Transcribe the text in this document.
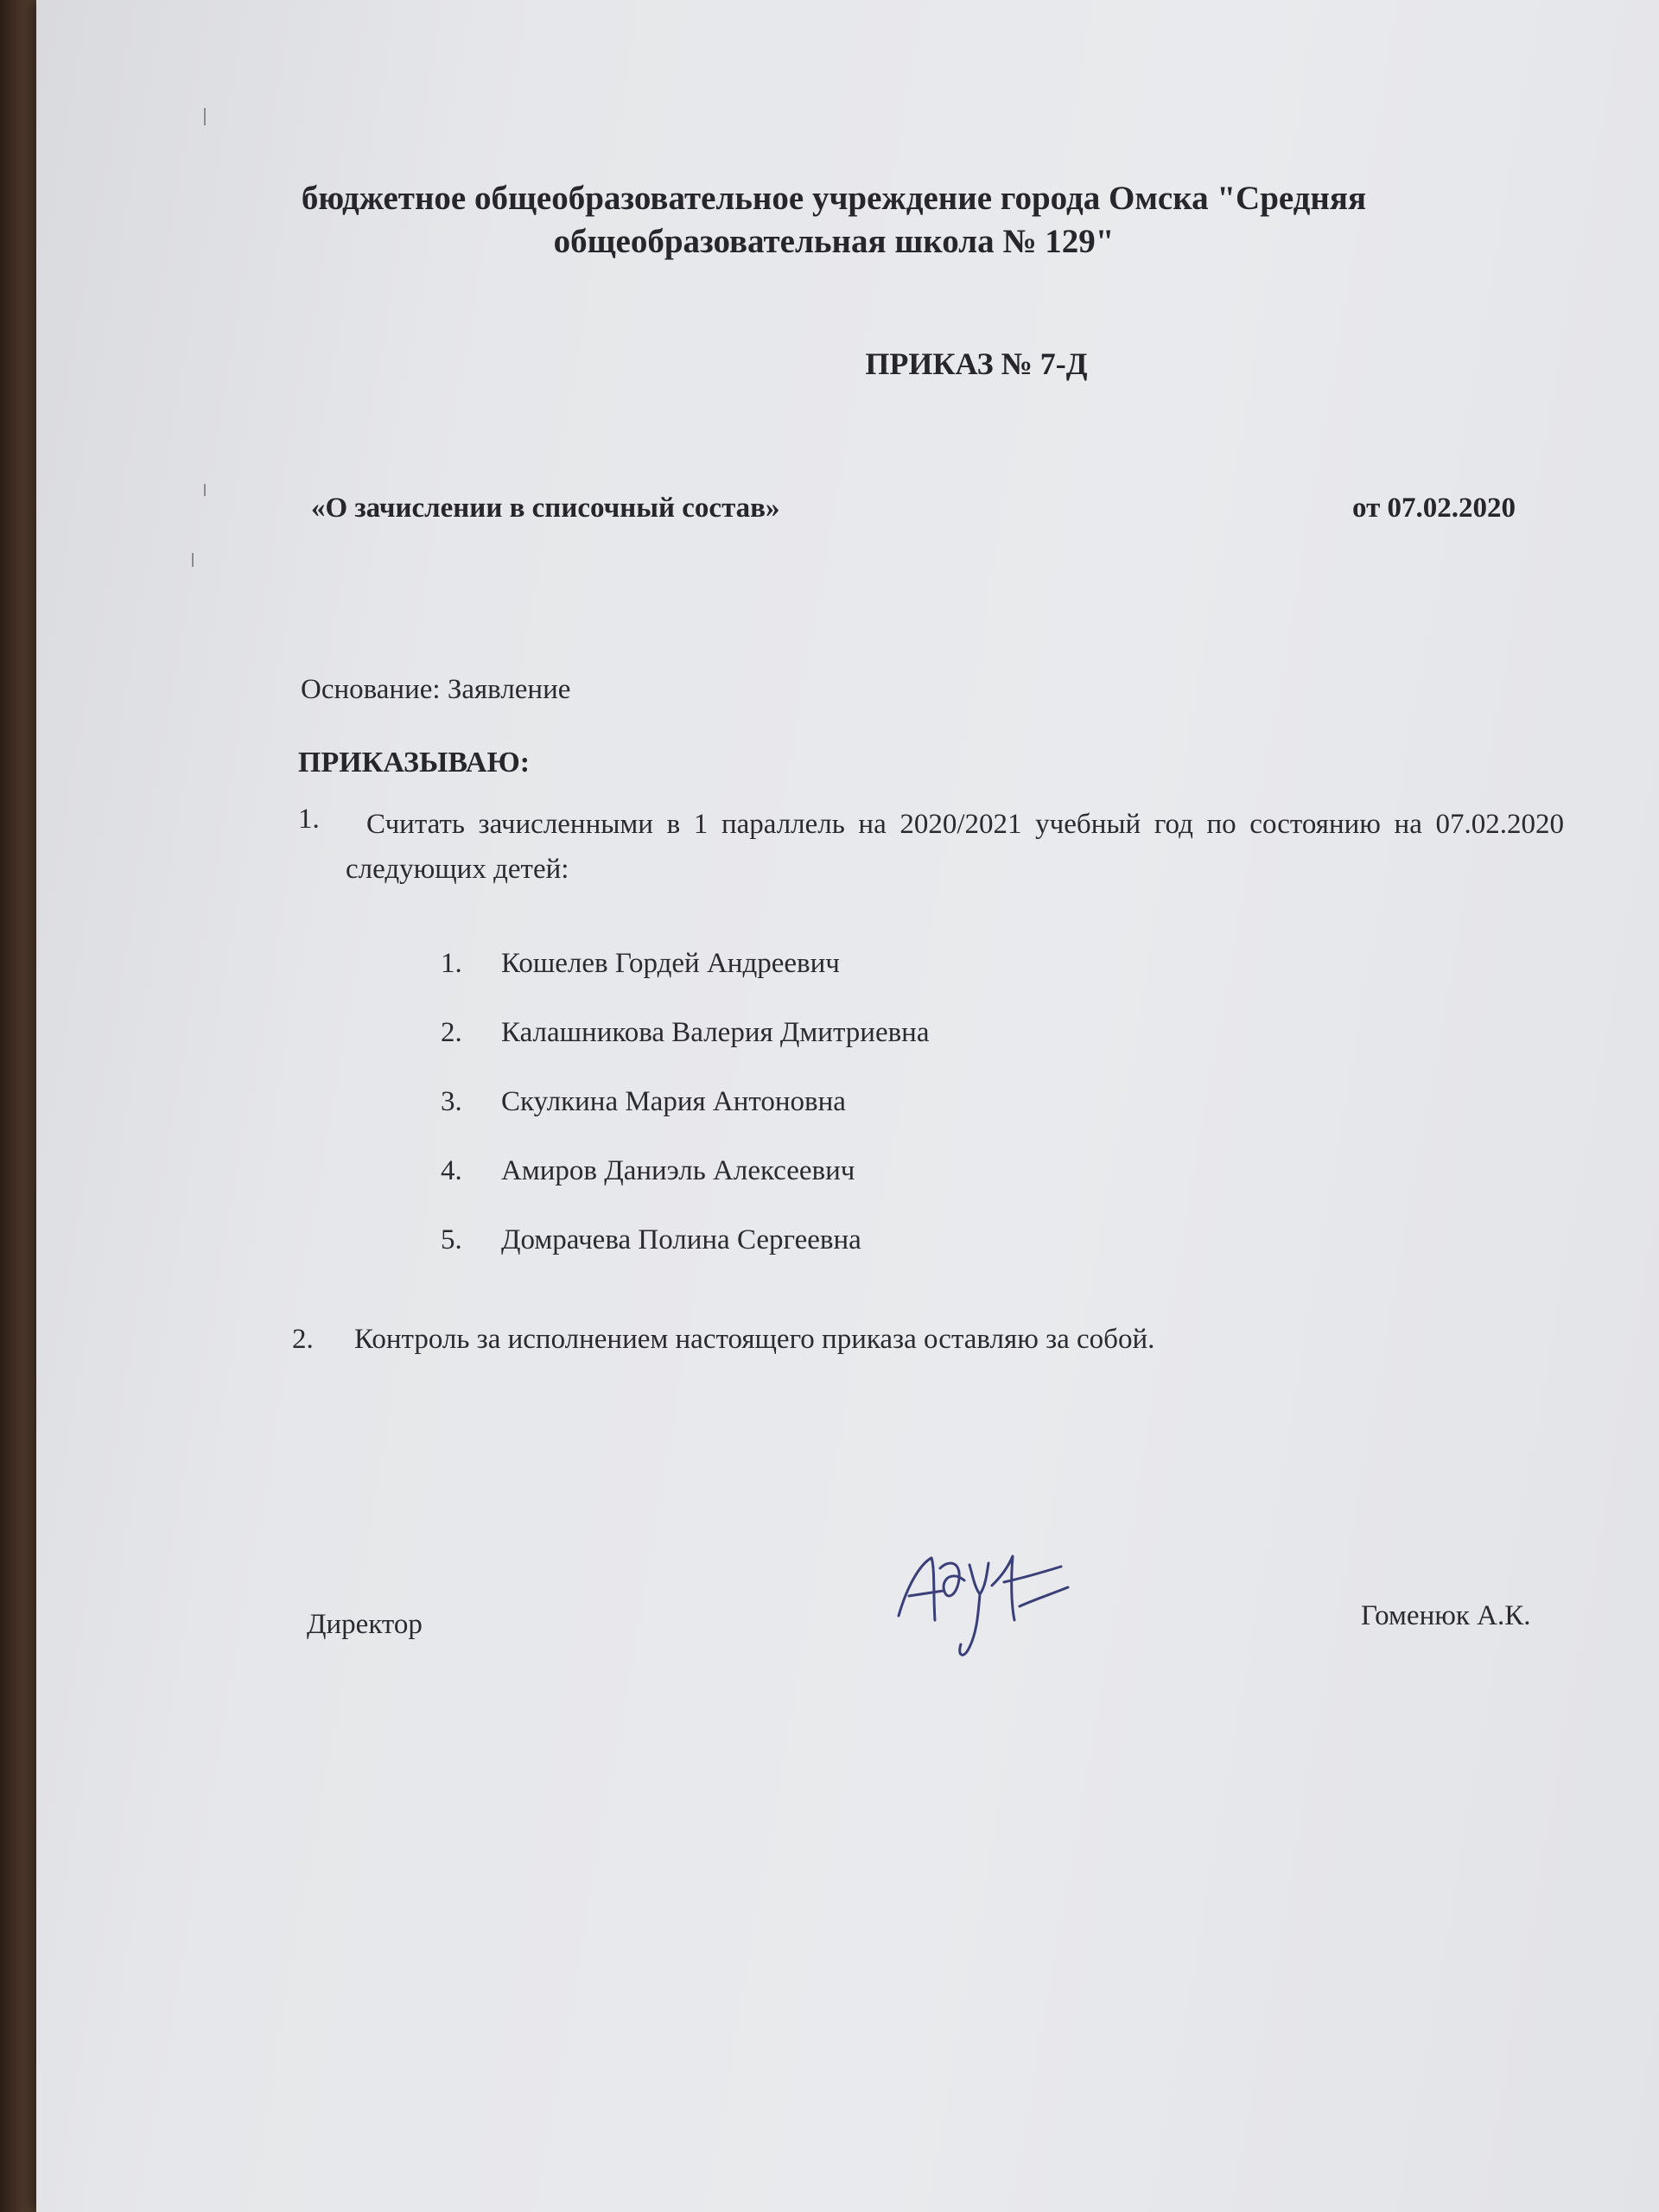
бюджетное общеобразовательное учреждение города Омска "Средняя общеобразовательная школа № 129"
ПРИКАЗ № 7-Д
«О зачислении в списочный состав»	от 07.02.2020
Основание: Заявление
ПРИКАЗЫВАЮ:
1.	Считать зачисленными в 1 параллель на 2020/2021 учебный год по состоянию на 07.02.2020 следующих детей:
1. Кошелев Гордей Андреевич
2. Калашникова Валерия Дмитриевна
3. Скулкина Мария Антоновна
4. Амиров Даниэль Алексеевич
5. Домрачева Полина Сергеевна
2. Контроль за исполнением настоящего приказа оставляю за собой.
Директор	Гоменюк А.К.
